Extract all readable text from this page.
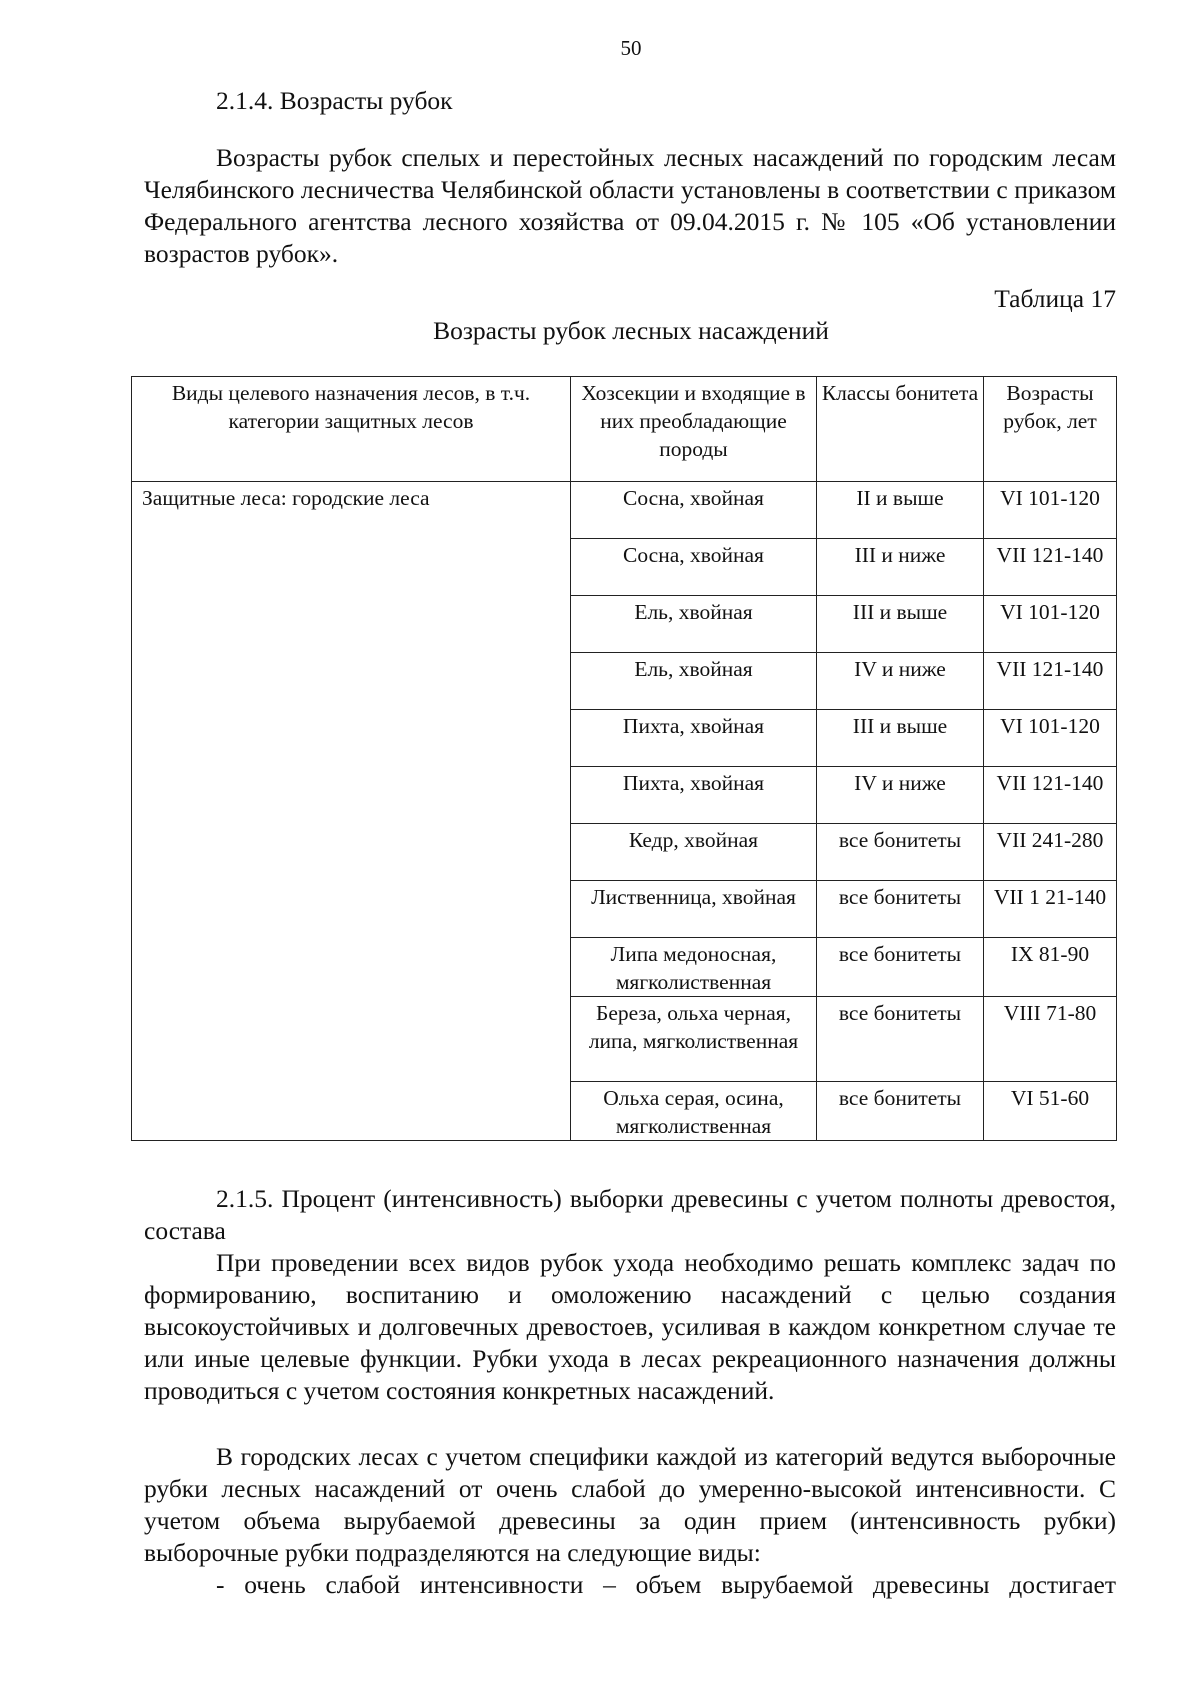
50
2.1.4. Возрасты рубок

Возрасты рубок спелых и перестойных лесных насаждений по городским лесам Челябинского лесничества Челябинской области установлены в соответствии с приказом Федерального агентства лесного хозяйства от 09.04.2015 г. № 105 «Об установлении возрастов рубок».

Таблица 17
Возрасты рубок лесных насаждений
Виды целевого назначения лесов, в т.ч. категории защитных лесов	Хозсекции и входящие в них преобладающие породы	Классы бонитета	Возрасты рубок, лет
Защитные леса: городские леса	Сосна, хвойная	II и выше	VI 101-120
	Сосна, хвойная	III и ниже	VII 121-140
	Ель, хвойная	III и выше	VI 101-120
	Ель, хвойная	IV и ниже	VII 121-140
	Пихта, хвойная	III и выше	VI 101-120
	Пихта, хвойная	IV и ниже	VII 121-140
	Кедр, хвойная	все бонитеты	VII 241-280
	Лиственница, хвойная	все бонитеты	VII 1 21-140
	Липа медоносная, мягколиственная	все бонитеты	IX 81-90
	Береза, ольха черная, липа, мягколиственная	все бонитеты	VIII 71-80
	Ольха серая, осина, мягколиственная	все бонитеты	VI 51-60

2.1.5. Процент (интенсивность) выборки древесины с учетом полноты древостоя, состава

При проведении всех видов рубок ухода необходимо решать комплекс задач по формированию, воспитанию и омоложению насаждений с целью создания высокоустойчивых и долговечных древостоев, усиливая в каждом конкретном случае те или иные целевые функции. Рубки ухода в лесах рекреационного назначения должны проводиться с учетом состояния конкретных насаждений.

В городских лесах с учетом специфики каждой из категорий ведутся выборочные рубки лесных насаждений от очень слабой до умеренно-высокой интенсивности. С учетом объема вырубаемой древесины за один прием (интенсивность рубки) выборочные рубки подразделяются на следующие виды:

- очень слабой интенсивности – объем вырубаемой древесины достигает
